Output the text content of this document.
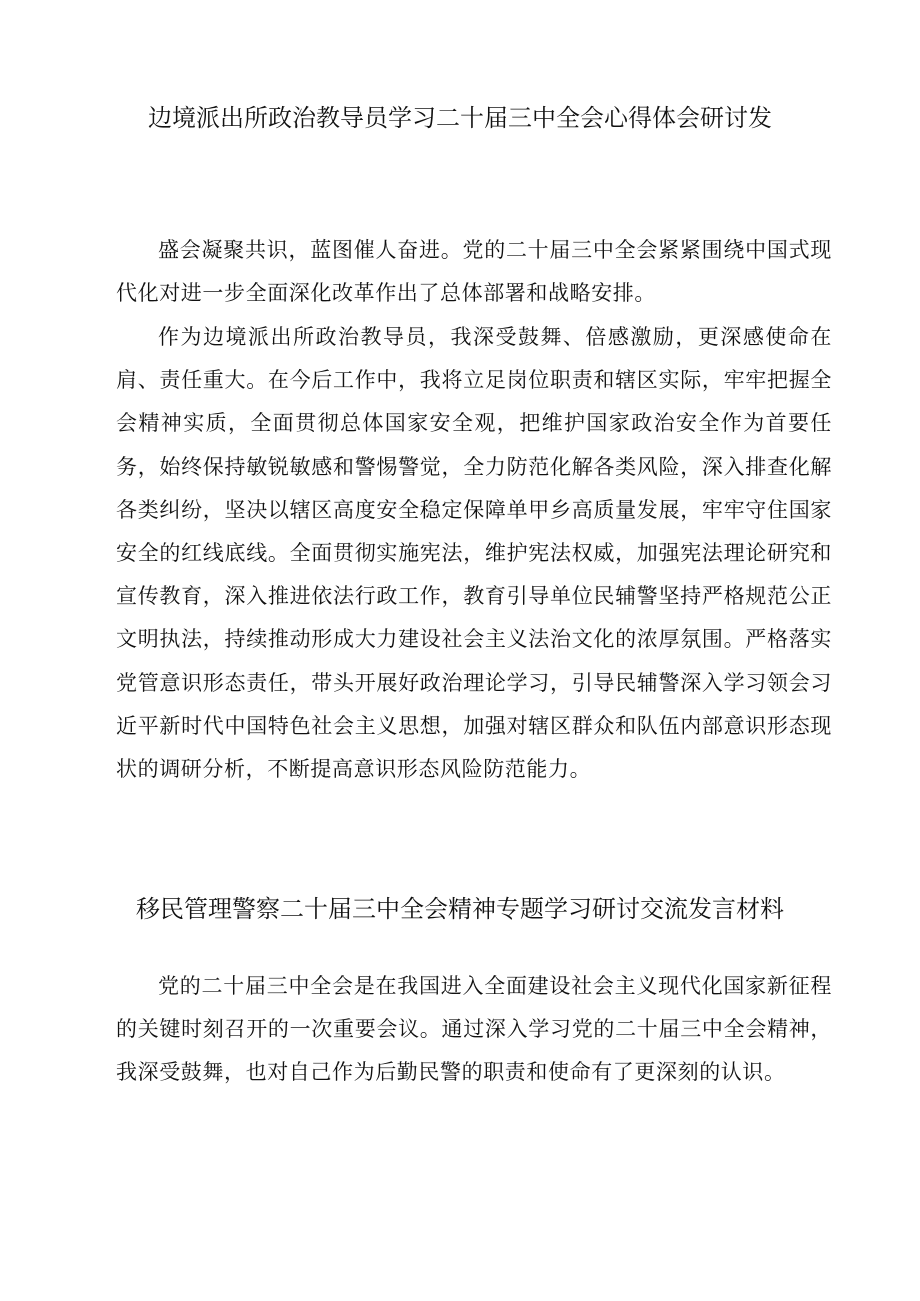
边境派出所政治教导员学习二十届三中全会心得体会研讨发

盛会凝聚共识，蓝图催人奋进。党的二十届三中全会紧紧围绕中国式现代化对进一步全面深化改革作出了总体部署和战略安排。

作为边境派出所政治教导员，我深受鼓舞、倍感激励，更深感使命在肩、责任重大。在今后工作中，我将立足岗位职责和辖区实际，牢牢把握全会精神实质，全面贯彻总体国家安全观，把维护国家政治安全作为首要任务，始终保持敏锐敏感和警惕警觉，全力防范化解各类风险，深入排查化解各类纠纷，坚决以辖区高度安全稳定保障单甲乡高质量发展，牢牢守住国家安全的红线底线。全面贯彻实施宪法，维护宪法权威，加强宪法理论研究和宣传教育，深入推进依法行政工作，教育引导单位民辅警坚持严格规范公正文明执法，持续推动形成大力建设社会主义法治文化的浓厚氛围。严格落实党管意识形态责任，带头开展好政治理论学习，引导民辅警深入学习领会习近平新时代中国特色社会主义思想，加强对辖区群众和队伍内部意识形态现状的调研分析，不断提高意识形态风险防范能力。

移民管理警察二十届三中全会精神专题学习研讨交流发言材料

党的二十届三中全会是在我国进入全面建设社会主义现代化国家新征程的关键时刻召开的一次重要会议。通过深入学习党的二十届三中全会精神，我深受鼓舞，也对自己作为后勤民警的职责和使命有了更深刻的认识。
